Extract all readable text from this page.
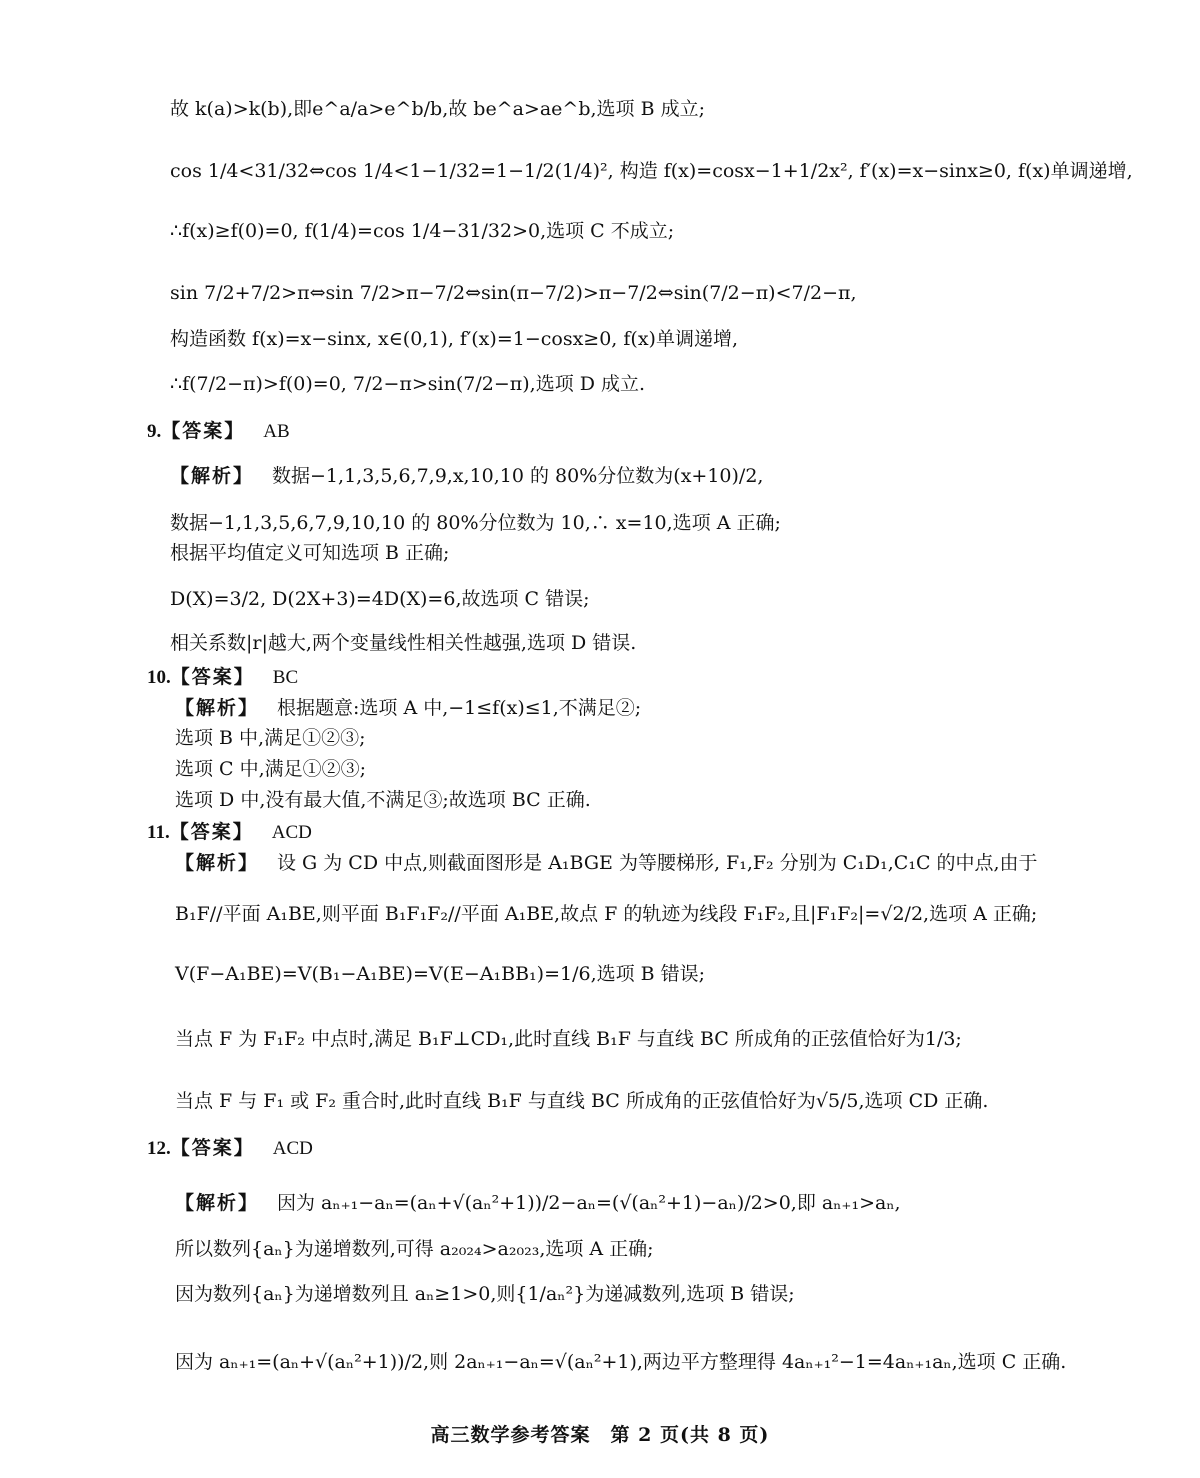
故 k(a)>k(b),即e^a/a>e^b/b,故 be^a>ae^b,选项 B 成立;
cos 1/4<31/32⇔cos 1/4<1−1/32=1−1/2(1/4)², 构造 f(x)=cosx−1+1/2x², f′(x)=x−sinx≥0, f(x)单调递增,
∴f(x)≥f(0)=0, f(1/4)=cos 1/4−31/32>0,选项 C 不成立;
sin 7/2+7/2>π⇔sin 7/2>π−7/2⇔sin(π−7/2)>π−7/2⇔sin(7/2−π)<7/2−π,
构造函数 f(x)=x−sinx, x∈(0,1), f′(x)=1−cosx≥0, f(x)单调递增,
∴f(7/2−π)>f(0)=0, 7/2−π>sin(7/2−π),选项 D 成立.
9.【答案】 AB
【解析】 数据−1,1,3,5,6,7,9,x,10,10 的 80%分位数为(x+10)/2,
数据−1,1,3,5,6,7,9,10,10 的 80%分位数为 10,∴ x=10,选项 A 正确;
根据平均值定义可知选项 B 正确;
D(X)=3/2, D(2X+3)=4D(X)=6,故选项 C 错误;
相关系数|r|越大,两个变量线性相关性越强,选项 D 错误.
10.【答案】 BC
【解析】 根据题意:选项 A 中,−1≤f(x)≤1,不满足②;
选项 B 中,满足①②③;
选项 C 中,满足①②③;
选项 D 中,没有最大值,不满足③;故选项 BC 正确.
11.【答案】 ACD
【解析】 设 G 为 CD 中点,则截面图形是 A₁BGE 为等腰梯形, F₁,F₂ 分别为 C₁D₁,C₁C 的中点,由于
B₁F//平面 A₁BE,则平面 B₁F₁F₂//平面 A₁BE,故点 F 的轨迹为线段 F₁F₂,且|F₁F₂|=√2/2,选项 A 正确;
V(F−A₁BE)=V(B₁−A₁BE)=V(E−A₁BB₁)=1/6,选项 B 错误;
当点 F 为 F₁F₂ 中点时,满足 B₁F⊥CD₁,此时直线 B₁F 与直线 BC 所成角的正弦值恰好为1/3;
当点 F 与 F₁ 或 F₂ 重合时,此时直线 B₁F 与直线 BC 所成角的正弦值恰好为√5/5,选项 CD 正确.
12.【答案】 ACD
【解析】 因为 aₙ₊₁−aₙ=(aₙ+√(aₙ²+1))/2−aₙ=(√(aₙ²+1)−aₙ)/2>0,即 aₙ₊₁>aₙ,
所以数列{aₙ}为递增数列,可得 a₂₀₂₄>a₂₀₂₃,选项 A 正确;
因为数列{aₙ}为递增数列且 aₙ≥1>0,则{1/aₙ²}为递减数列,选项 B 错误;
因为 aₙ₊₁=(aₙ+√(aₙ²+1))/2,则 2aₙ₊₁−aₙ=√(aₙ²+1),两边平方整理得 4aₙ₊₁²−1=4aₙ₊₁aₙ,选项 C 正确.
高三数学参考答案　第 2 页(共 8 页)
